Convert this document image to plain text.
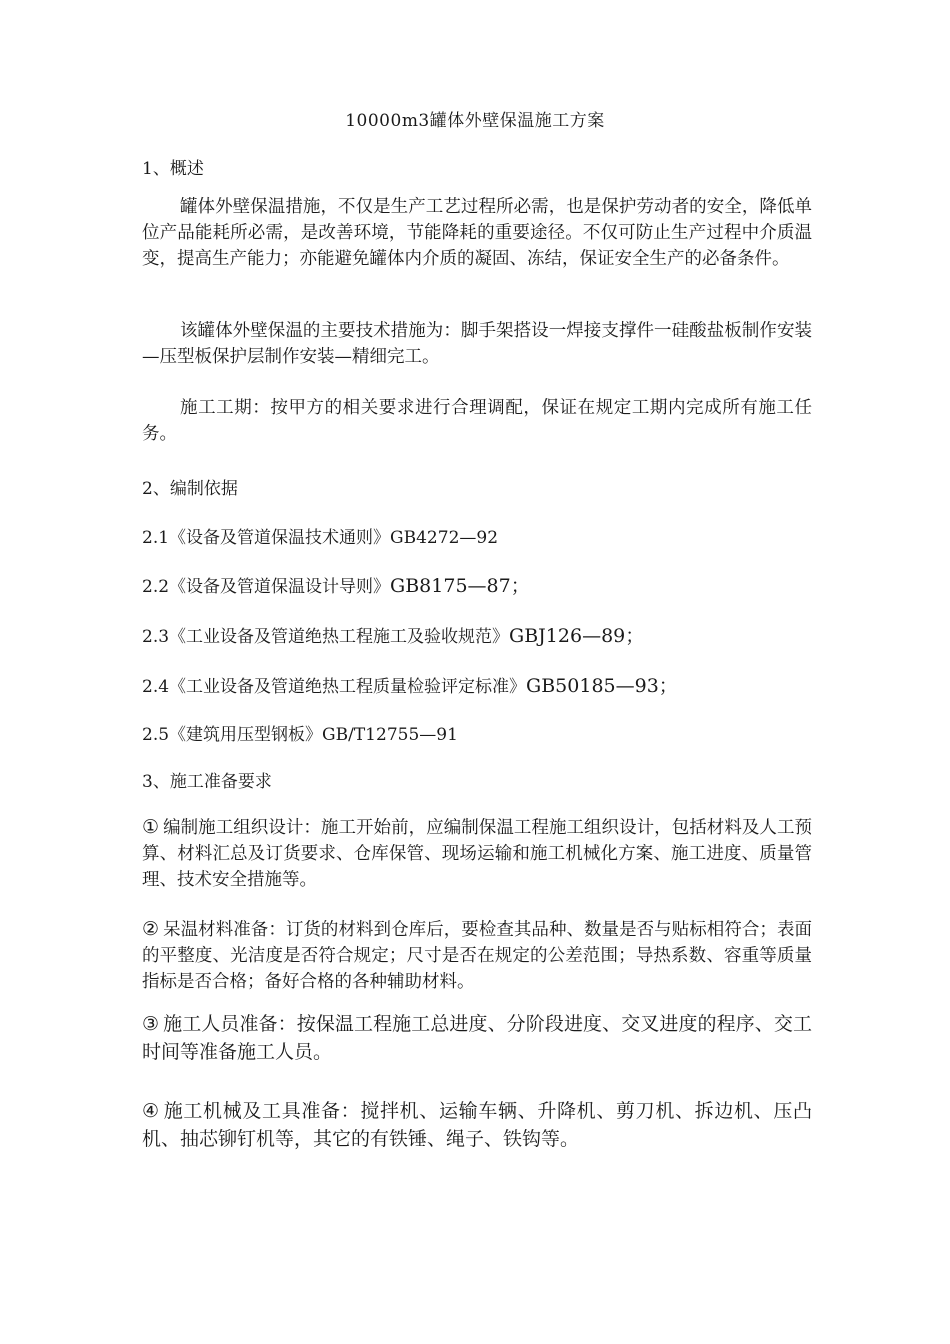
10000m3罐体外壁保温施工方案
1、概述
罐体外壁保温措施，不仅是生产工艺过程所必需，也是保护劳动者的安全，降低单位产品能耗所必需，是改善环境，节能降耗的重要途径。不仅可防止生产过程中介质温变，提高生产能力；亦能避免罐体内介质的凝固、冻结，保证安全生产的必备条件。
该罐体外壁保温的主要技术措施为：脚手架搭设一焊接支撑件一硅酸盐板制作安装—压型板保护层制作安装—精细完工。
施工工期：按甲方的相关要求进行合理调配，保证在规定工期内完成所有施工任务。
2、编制依据
2.1《设备及管道保温技术通则》GB4272—92
2.2《设备及管道保温设计导则》GB8175—87；
2.3《工业设备及管道绝热工程施工及验收规范》GBJ126—89；
2.4《工业设备及管道绝热工程质量检验评定标准》GB50185—93；
2.5《建筑用压型钢板》GB/T12755—91
3、施工准备要求
① 编制施工组织设计：施工开始前，应编制保温工程施工组织设计，包括材料及人工预算、材料汇总及订货要求、仓库保管、现场运输和施工机械化方案、施工进度、质量管理、技术安全措施等。
② 呆温材料准备：订货的材料到仓库后，要检查其品种、数量是否与贴标相符合；表面的平整度、光洁度是否符合规定；尺寸是否在规定的公差范围；导热系数、容重等质量指标是否合格；备好合格的各种辅助材料。
③ 施工人员准备：按保温工程施工总进度、分阶段进度、交叉进度的程序、交工时间等准备施工人员。
④ 施工机械及工具准备：搅拌机、运输车辆、升降机、剪刀机、拆边机、压凸机、抽芯铆钉机等，其它的有铁锤、绳子、铁钩等。
